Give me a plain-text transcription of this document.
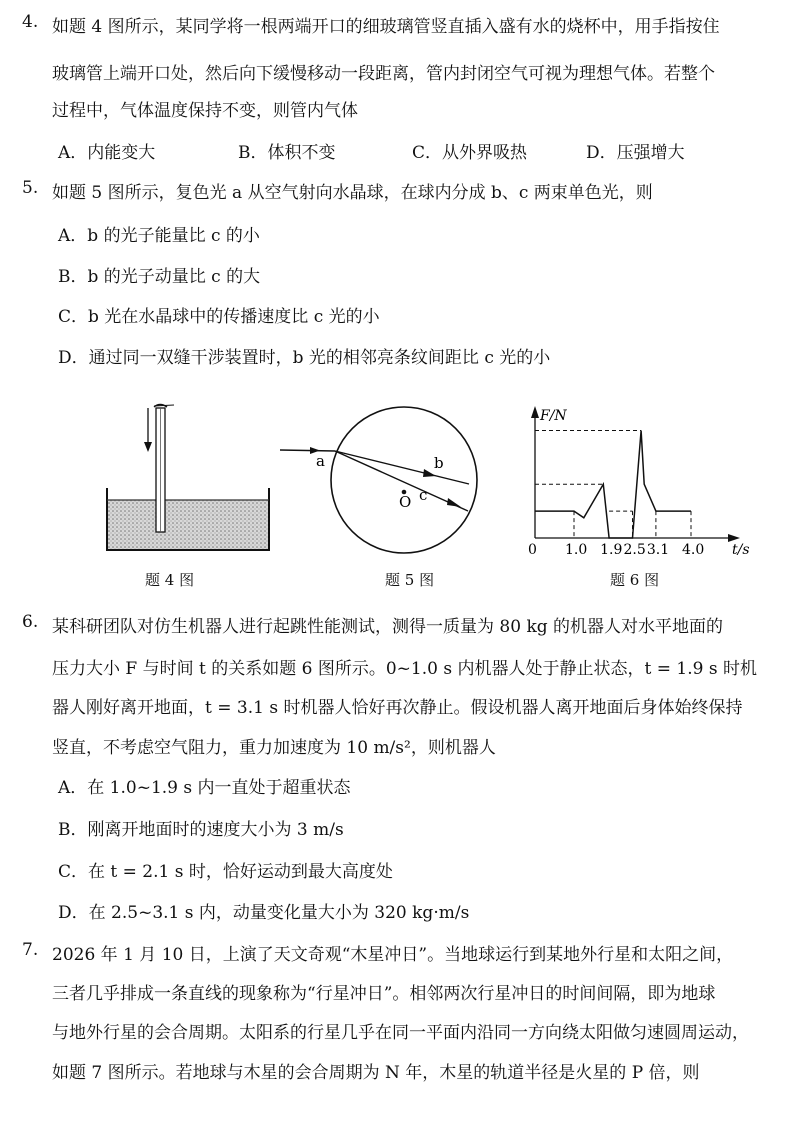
4. 如题 4 图所示，某同学将一根两端开口的细玻璃管竖直插入盛有水的烧杯中，用手指按住
玻璃管上端开口处，然后向下缓慢移动一段距离，管内封闭空气可视为理想气体。若整个
过程中，气体温度保持不变，则管内气体
A．内能变大	B．体积不变	C．从外界吸热	D．压强增大
5. 如题 5 图所示，复色光 a 从空气射向水晶球，在球内分成 b、c 两束单色光，则
A．b 的光子能量比 c 的小
B．b 的光子动量比 c 的大
C．b 光在水晶球中的传播速度比 c 光的小
D．通过同一双缝干涉装置时，b 光的相邻亮条纹间距比 c 光的小
题 4 图
a	b
c
O
题 5 图
F/N
t/s
0 1.0 1.9 2.5 3.1 4.0
题 6 图
6. 某科研团队对仿生机器人进行起跳性能测试，测得一质量为 80 kg 的机器人对水平地面的
压力大小 F 与时间 t 的关系如题 6 图所示。0~1.0 s 内机器人处于静止状态，t = 1.9 s 时机
器人刚好离开地面，t = 3.1 s 时机器人恰好再次静止。假设机器人离开地面后身体始终保持
竖直，不考虑空气阻力，重力加速度为 10 m/s²，则机器人
A．在 1.0~1.9 s 内一直处于超重状态
B．刚离开地面时的速度大小为 3 m/s
C．在 t = 2.1 s 时，恰好运动到最大高度处
D．在 2.5~3.1 s 内，动量变化量大小为 320 kg·m/s
7. 2026 年 1 月 10 日，上演了天文奇观“木星冲日”。当地球运行到某地外行星和太阳之间，
三者几乎排成一条直线的现象称为“行星冲日”。相邻两次行星冲日的时间间隔，即为地球
与地外行星的会合周期。太阳系的行星几乎在同一平面内沿同一方向绕太阳做匀速圆周运动，
如题 7 图所示。若地球与木星的会合周期为 N 年，木星的轨道半径是火星的 P 倍，则
